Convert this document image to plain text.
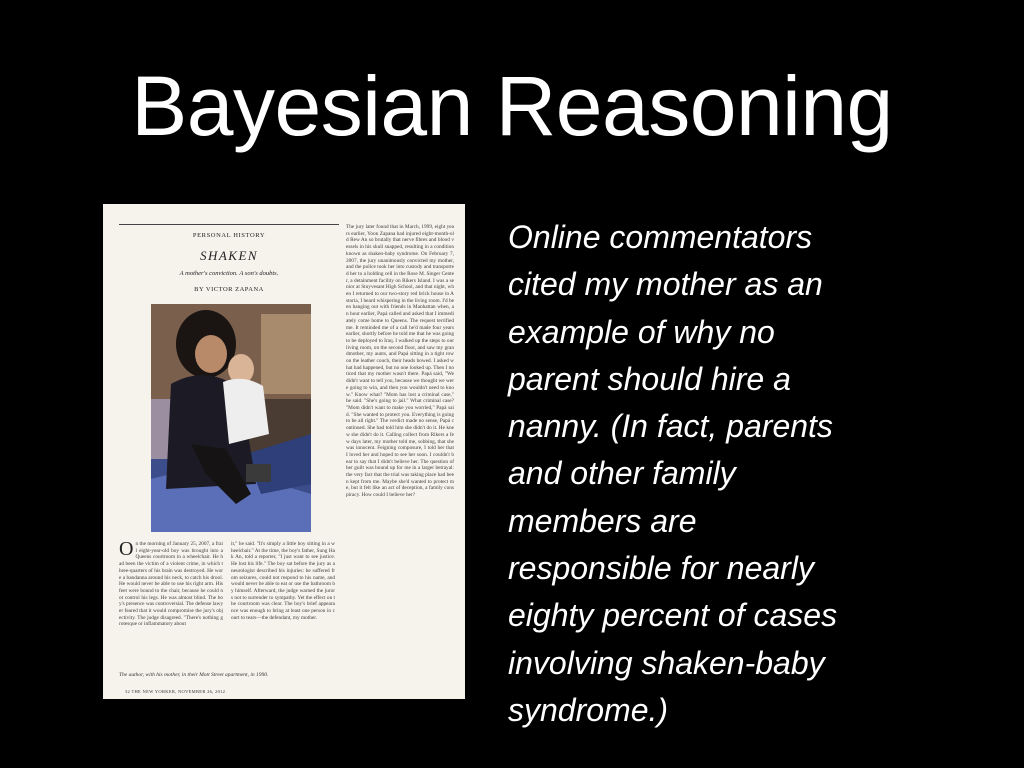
Bayesian Reasoning
PERSONAL HISTORY
SHAKEN
A mother's conviction. A son's doubts.
BY VICTOR ZAPANA
On the morning of January 25, 2007, a frail eight-year-old boy was brought into a Queens courtroom in a wheelchair. He had been the victim of a violent crime, in which three-quarters of his brain was destroyed. He wore a bandanna around his neck, to catch his drool. He would never be able to use his right arm. His feet were bound to the chair, because he could not control his legs. He was almost blind. The boy's presence was controversial. The defense lawyer feared that it would compromise the jury's objectivity. The judge disagreed. "There's nothing grotesque or inflammatory about
it," he said. "It's simply a little boy sitting in a wheelchair." At the time, the boy's father, Sung Hak An, told a reporter, "I just want to see justice. He lost his life." The boy sat before the jury as a neurologist described his injuries: he suffered from seizures, could not respond to his name, and would never be able to eat or use the bathroom by himself. Afterward, the judge warned the jurors not to surrender to sympathy. Yet the effect on the courtroom was clear. The boy's brief appearance was enough to bring at least one person in court to tears—the defendant, my mother.
The jury later found that in March, 1999, eight years earlier, Yoon Zapana had injured eight-month-old Rew An so brutally that nerve fibres and blood vessels in his skull snapped, resulting in a condition known as shaken-baby syndrome. On February 7, 2007, the jury unanimously convicted my mother, and the police took her into custody and transported her to a holding cell in the Rose M. Singer Center, a detainment facility on Rikers Island. I was a senior at Stuyvesant High School, and that night, when I returned to our two-story red brick house in Astoria, I heard whispering in the living room. I'd been hanging out with friends in Manhattan when, an hour earlier, Papá called and asked that I immediately come home to Queens. The request terrified me. It reminded me of a call he'd made four years earlier, shortly before he told me that he was going to be deployed to Iraq. I walked up the steps to our living room, on the second floor, and saw my grandmother, my aunts, and Papá sitting in a tight row on the leather couch, their heads bowed. I asked what had happened, but no one looked up. Then I noticed that my mother wasn't there. Papá said, "We didn't want to tell you, because we thought we were going to win, and then you wouldn't need to know." Know what? "Mom has lost a criminal case," he said. "She's going to jail." What criminal case? "Mom didn't want to make you worried," Papá said. "She wanted to protect you. Everything is going to be all right." The verdict made no sense, Papá continued. She had told him she didn't do it. He knew she didn't do it. Calling collect from Rikers a few days later, my mother told me, sobbing, that she was innocent. Feigning composure, I told her that I loved her and hoped to see her soon. I couldn't bear to say that I didn't believe her. The question of her guilt was bound up for me in a larger betrayal: the very fact that the trial was taking place had been kept from me. Maybe she'd wanted to protect me, but it felt like an act of deception, a family conspiracy. How could I believe her?
The author, with his mother, in their Mott Street apartment, in 1990.
32 THE NEW YORKER, NOVEMBER 26, 2012
Online commentators
cited my mother as an
example of why no
parent should hire a
nanny. (In fact, parents
and other family
members are
responsible for nearly
eighty percent of cases
involving shaken-baby
syndrome.)
